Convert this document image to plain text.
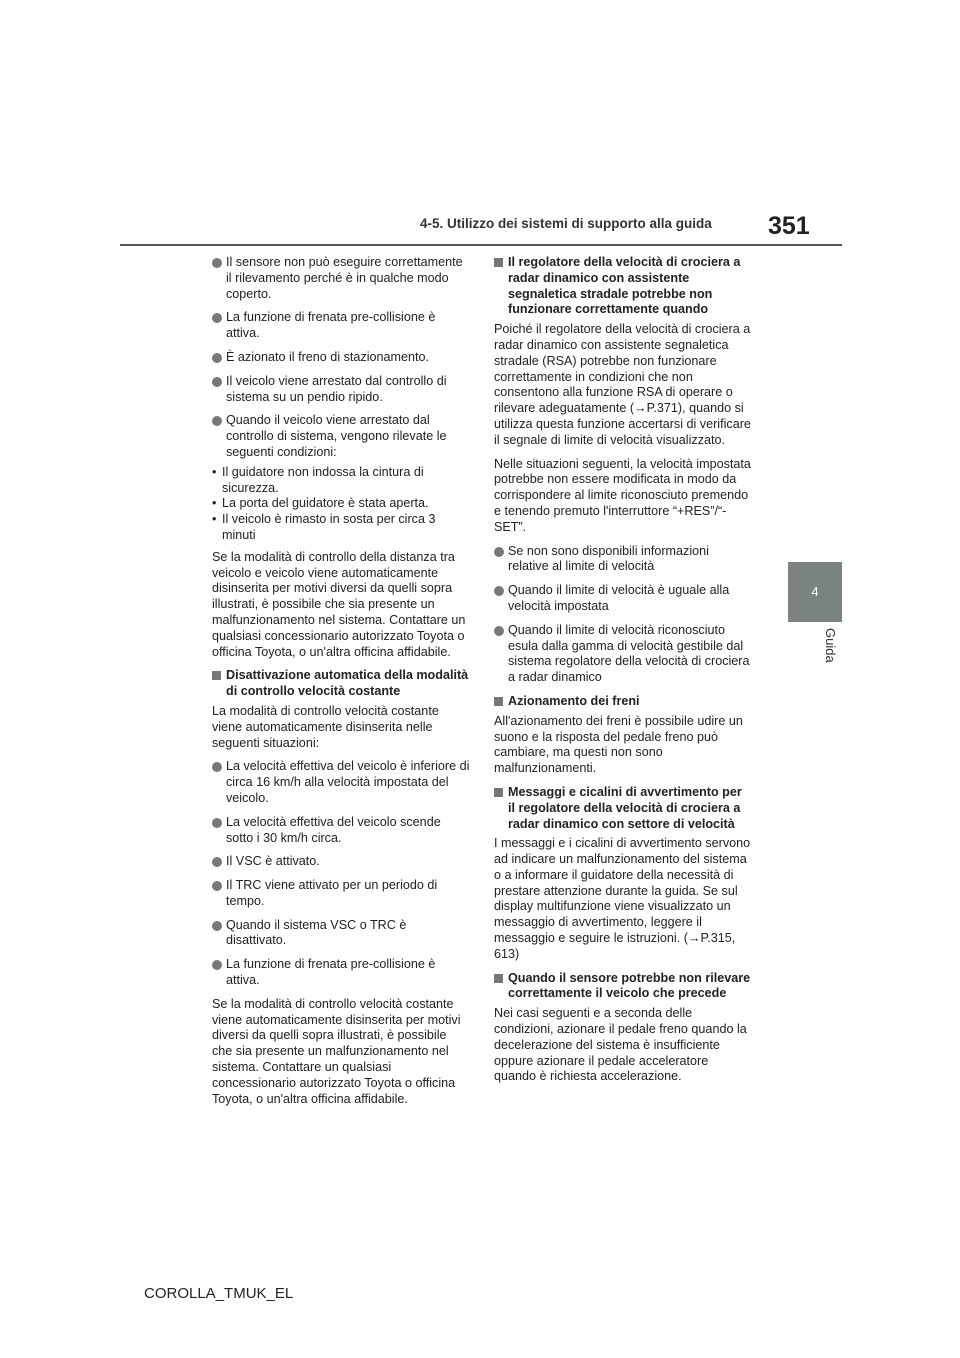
4-5. Utilizzo dei sistemi di supporto alla guida 351
4
Guida
Il sensore non può eseguire correttamente il rilevamento perché è in qualche modo coperto.
La funzione di frenata pre-collisione è attiva.
È azionato il freno di stazionamento.
Il veicolo viene arrestato dal controllo di sistema su un pendio ripido.
Quando il veicolo viene arrestato dal controllo di sistema, vengono rilevate le seguenti condizioni:
• Il guidatore non indossa la cintura di sicurezza.
• La porta del guidatore è stata aperta.
• Il veicolo è rimasto in sosta per circa 3 minuti

Se la modalità di controllo della distanza tra veicolo e veicolo viene automaticamente disinserita per motivi diversi da quelli sopra illustrati, è possibile che sia presente un malfunzionamento nel sistema. Contattare un qualsiasi concessionario autorizzato Toyota o officina Toyota, o un'altra officina affidabile.

Disattivazione automatica della modalità di controllo velocità costante

La modalità di controllo velocità costante viene automaticamente disinserita nelle seguenti situazioni:

La velocità effettiva del veicolo è inferiore di circa 16 km/h alla velocità impostata del veicolo.
La velocità effettiva del veicolo scende sotto i 30 km/h circa.
Il VSC è attivato.
Il TRC viene attivato per un periodo di tempo.
Quando il sistema VSC o TRC è disattivato.
La funzione di frenata pre-collisione è attiva.

Se la modalità di controllo velocità costante viene automaticamente disinserita per motivi diversi da quelli sopra illustrati, è possibile che sia presente un malfunzionamento nel sistema. Contattare un qualsiasi concessionario autorizzato Toyota o officina Toyota, o un'altra officina affidabile.

Il regolatore della velocità di crociera a radar dinamico con assistente segnaletica stradale potrebbe non funzionare correttamente quando

Poiché il regolatore della velocità di crociera a radar dinamico con assistente segnaletica stradale (RSA) potrebbe non funzionare correttamente in condizioni che non consentono alla funzione RSA di operare o rilevare adeguatamente (→P.371), quando si utilizza questa funzione accertarsi di verificare il segnale di limite di velocità visualizzato.

Nelle situazioni seguenti, la velocità impostata potrebbe non essere modificata in modo da corrispondere al limite riconosciuto premendo e tenendo premuto l'interruttore “+RES”/“-SET”.

Se non sono disponibili informazioni relative al limite di velocità
Quando il limite di velocità è uguale alla velocità impostata
Quando il limite di velocità riconosciuto esula dalla gamma di velocità gestibile dal sistema regolatore della velocità di crociera a radar dinamico
Azionamento dei freni

All'azionamento dei freni è possibile udire un suono e la risposta del pedale freno può cambiare, ma questi non sono malfunzionamenti.

Messaggi e cicalini di avvertimento per il regolatore della velocità di crociera a radar dinamico con settore di velocità

I messaggi e i cicalini di avvertimento servono ad indicare un malfunzionamento del sistema o a informare il guidatore della necessità di prestare attenzione durante la guida. Se sul display multifunzione viene visualizzato un messaggio di avvertimento, leggere il messaggio e seguire le istruzioni. (→P.315, 613)

Quando il sensore potrebbe non rilevare correttamente il veicolo che precede

Nei casi seguenti e a seconda delle condizioni, azionare il pedale freno quando la decelerazione del sistema è insufficiente oppure azionare il pedale acceleratore quando è richiesta accelerazione.

COROLLA_TMUK_EL
